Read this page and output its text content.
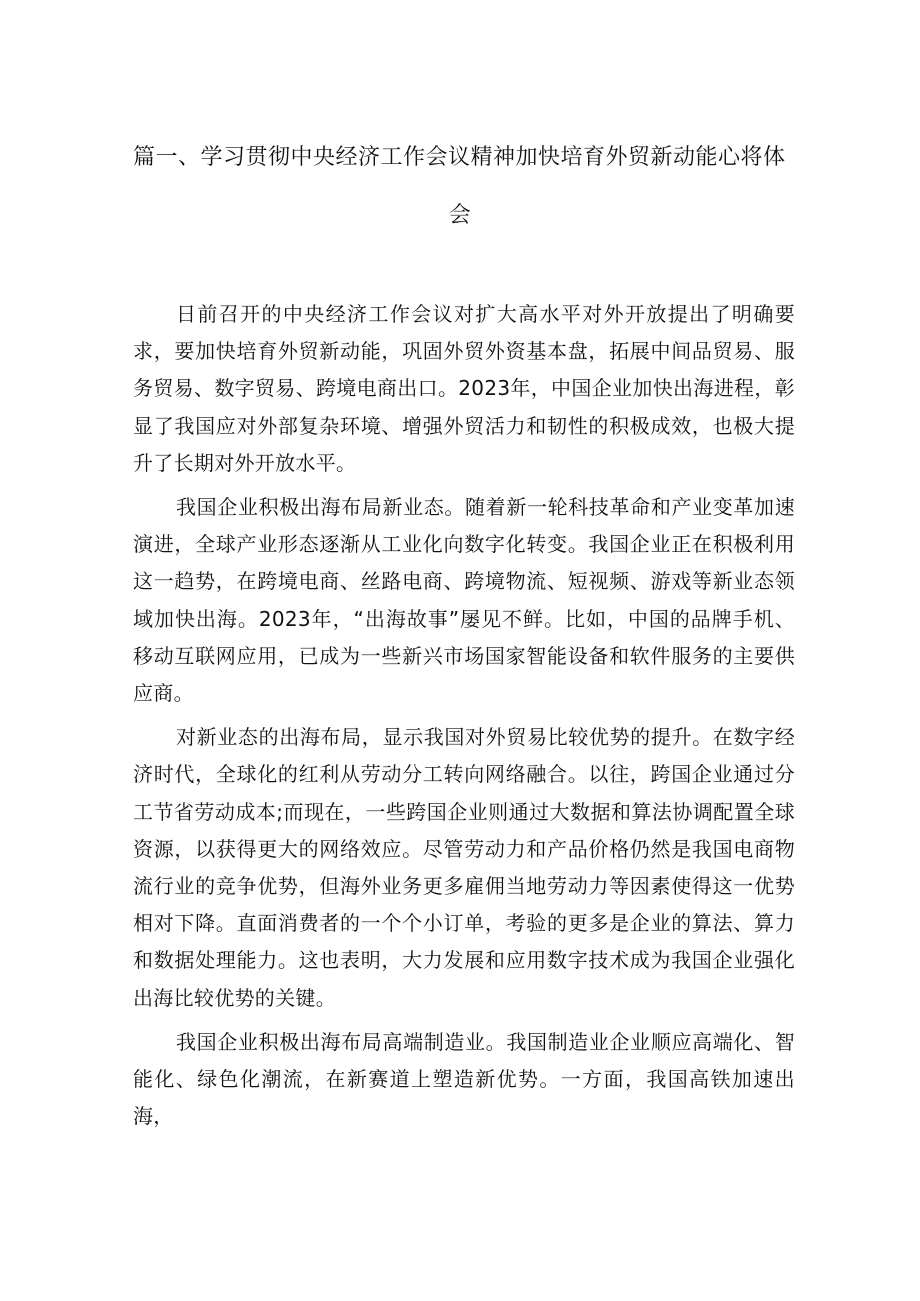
篇一、学习贯彻中央经济工作会议精神加快培育外贸新动能心将体
会

日前召开的中央经济工作会议对扩大高水平对外开放提出了明确要求，要加快培育外贸新动能，巩固外贸外资基本盘，拓展中间品贸易、服务贸易、数字贸易、跨境电商出口。2023年，中国企业加快出海进程，彰显了我国应对外部复杂环境、增强外贸活力和韧性的积极成效，也极大提升了长期对外开放水平。

我国企业积极出海布局新业态。随着新一轮科技革命和产业变革加速演进，全球产业形态逐渐从工业化向数字化转变。我国企业正在积极利用这一趋势，在跨境电商、丝路电商、跨境物流、短视频、游戏等新业态领域加快出海。2023年，“出海故事”屡见不鲜。比如，中国的品牌手机、移动互联网应用，已成为一些新兴市场国家智能设备和软件服务的主要供应商。

对新业态的出海布局，显示我国对外贸易比较优势的提升。在数字经济时代，全球化的红利从劳动分工转向网络融合。以往，跨国企业通过分工节省劳动成本;而现在，一些跨国企业则通过大数据和算法协调配置全球资源，以获得更大的网络效应。尽管劳动力和产品价格仍然是我国电商物流行业的竞争优势，但海外业务更多雇佣当地劳动力等因素使得这一优势相对下降。直面消费者的一个个小订单，考验的更多是企业的算法、算力和数据处理能力。这也表明，大力发展和应用数字技术成为我国企业强化出海比较优势的关键。

我国企业积极出海布局高端制造业。我国制造业企业顺应高端化、智能化、绿色化潮流，在新赛道上塑造新优势。一方面，我国高铁加速出海，
